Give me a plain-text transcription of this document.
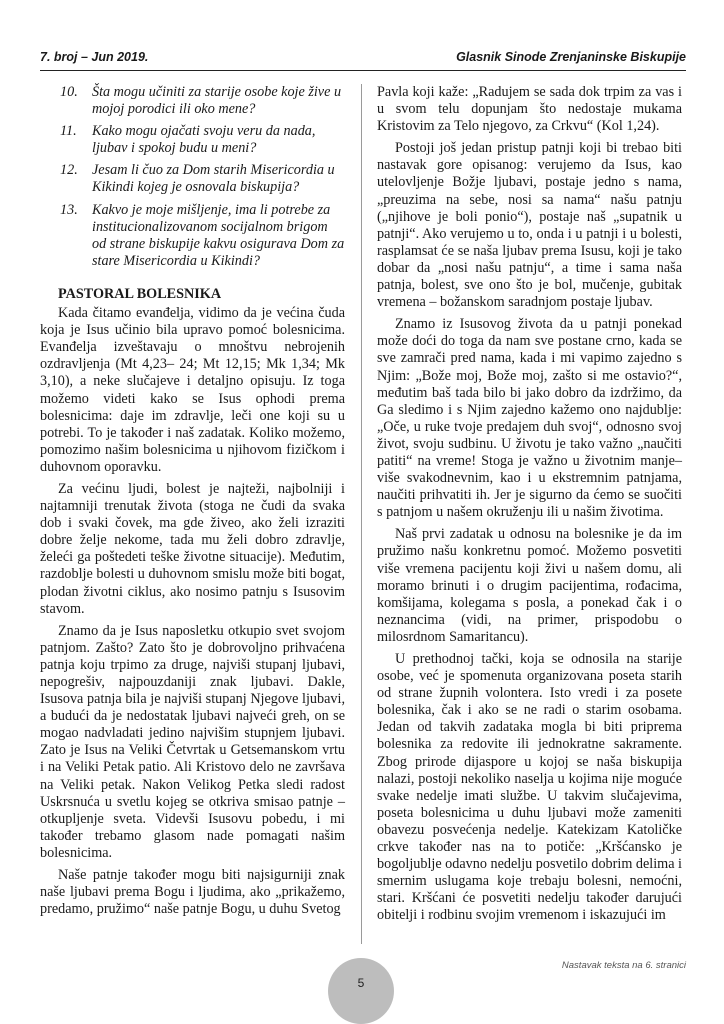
7. broj – Jun 2019.	Glasnik Sinode Zrenjaninske Biskupije
10. Šta mogu učiniti za starije osobe koje žive u mojoj porodici ili oko mene?
11. Kako mogu ojačati svoju veru da nada, ljubav i spokoj budu u meni?
12. Jesam li čuo za Dom starih Misericordia u Kikindi kojeg je osnovala biskupija?
13. Kakvo je moje mišljenje, ima li potrebe za institucionalizovanom socijalnom brigom od strane biskupije kakvu osigurava Dom za stare Misericordia u Kikindi?
PASTORAL BOLESNIKA

Kada čitamo evanđelja, vidimo da je većina čuda koja je Isus učinio bila upravo pomoć bolesnicima. Evanđelja izveštavaju o mnoštvu nebrojenih ozdravljenja (Mt 4,23– 24; Mt 12,15; Mk 1,34; Mk 3,10), a neke slučajeve i detaljno opisuju. Iz toga možemo videti kako se Isus ophodi prema bolesnicima: daje im zdravlje, leči one koji su u potrebi. To je također i naš zadatak. Koliko možemo, pomozimo našim bolesnicima u njihovom fizičkom i duhovnom oporavku.

Za većinu ljudi, bolest je najteži, najbolniji i najtamniji trenutak života (stoga ne čudi da svaka dob i svaki čovek, ma gde živeo, ako želi izraziti dobre želje nekome, tada mu želi dobro zdravlje, želeći ga poštedeti teške životne situacije). Međutim, razdoblje bolesti u duhovnom smislu može biti bogat, plodan životni ciklus, ako nosimo patnju s Isusovim stavom.

Znamo da je Isus naposletku otkupio svet svojom patnjom. Zašto? Zato što je dobrovoljno prihvaćena patnja koju trpimo za druge, najviši stupanj ljubavi, nepogrešiv, najpouzdaniji znak ljubavi. Dakle, Isusova patnja bila je najviši stupanj Njegove ljubavi, a budući da je nedostatak ljubavi najveći greh, on se mogao nadvladati jedino najvišim stupnjem ljubavi. Zato je Isus na Veliki Četvrtak u Getsemanskom vrtu i na Veliki Petak patio. Ali Kristovo delo ne završava na Veliki petak. Nakon Velikog Petka sledi radost Uskrsnuća u svetlu kojeg se otkriva smisao patnje – otkupljenje sveta. Videvši Isusovu pobedu, i mi također trebamo glasom nade pomagati našim bolesnicima.

Naše patnje također mogu biti najsigurniji znak naše ljubavi prema Bogu i ljudima, ako „prikažemo, predamo, pružimo“ naše patnje Bogu, u duhu Svetog

Pavla koji kaže: „Radujem se sada dok trpim za vas i u svom telu dopunjam što nedostaje mukama Kristovim za Telo njegovo, za Crkvu“ (Kol 1,24).

Postoji još jedan pristup patnji koji bi trebao biti nastavak gore opisanog: verujemo da Isus, kao utelovljenje Božje ljubavi, postaje jedno s nama, „preuzima na sebe, nosi sa nama“ našu patnju („njihove je boli ponio“), postaje naš „supatnik u patnji“. Ako verujemo u to, onda i u patnji i u bolesti, rasplamsat će se naša ljubav prema Isusu, koji je tako dobar da „nosi našu patnju“, a time i sama naša patnja, bolest, sve ono što je bol, mučenje, gubitak vremena – božanskom saradnjom postaje ljubav.

Znamo iz Isusovog života da u patnji ponekad može doći do toga da nam sve postane crno, kada se sve zamrači pred nama, kada i mi vapimo zajedno s Njim: „Bože moj, Bože moj, zašto si me ostavio?“, međutim baš tada bilo bi jako dobro da izdržimo, da Ga sledimo i s Njim zajedno kažemo ono najdublje: „Oče, u ruke tvoje predajem duh svoj“, odnosno svoj život, svoju sudbinu. U životu je tako važno „naučiti patiti“ na vreme! Stoga je važno u životnim manje– više svakodnevnim, kao i u ekstremnim patnjama, naučiti prihvatiti ih. Jer je sigurno da ćemo se suočiti s patnjom u našem okruženju ili u našim životima.

Naš prvi zadatak u odnosu na bolesnike je da im pružimo našu konkretnu pomoć. Možemo posvetiti više vremena pacijentu koji živi u našem domu, ali moramo brinuti i o drugim pacijentima, rođacima, komšijama, kolegama s posla, a ponekad čak i o neznancima (vidi, na primer, prispodobu o milosrdnom Samaritancu).

U prethodnoj tački, koja se odnosila na starije osobe, već je spomenuta organizovana poseta starih od strane župnih volontera. Isto vredi i za posete bolesnika, čak i ako se ne radi o starim osobama. Jedan od takvih zadataka mogla bi biti priprema bolesnika za redovite ili jednokratne sakramente. Zbog prirode dijaspore u kojoj se naša biskupija nalazi, postoji nekoliko naselja u kojima nije moguće svake nedelje imati službe. U takvim slučajevima, poseta bolesnicima u duhu ljubavi može zameniti obavezu posvećenja nedelje. Katekizam Katoličke crkve također nas na to potiče: „Kršćansko je bogoljublje odavno nedelju posvetilo dobrim delima i smernim uslugama koje trebaju bolesni, nemoćni, stari. Kršćani će posvetiti nedelju također darujući obitelji i rodbinu svojim vremenom i iskazujući im

Nastavak teksta na 6. stranici
5
